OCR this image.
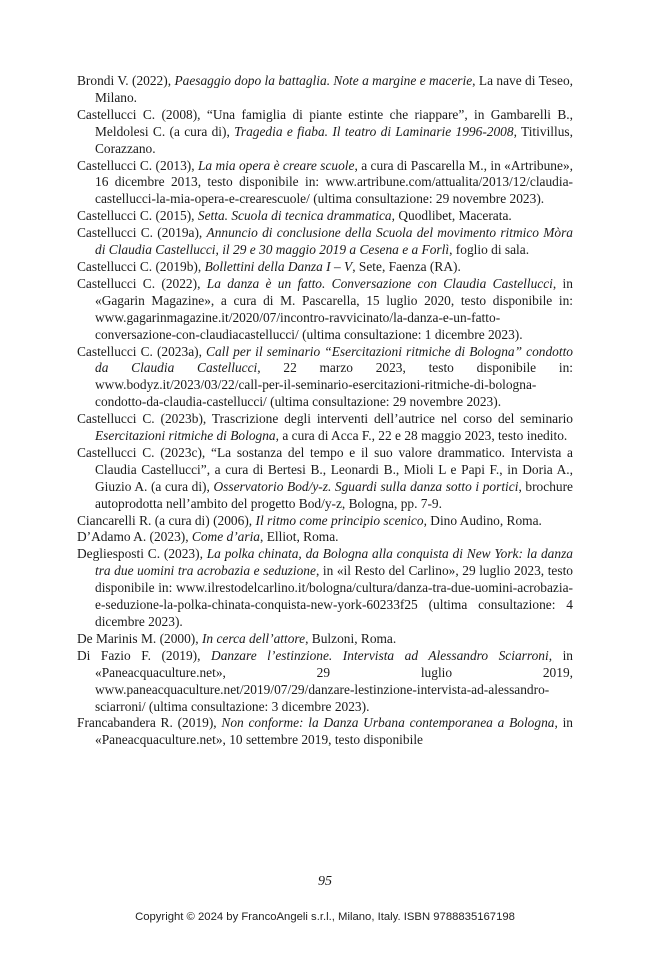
Brondi V. (2022), Paesaggio dopo la battaglia. Note a margine e macerie, La nave di Teseo, Milano.

Castellucci C. (2008), “Una famiglia di piante estinte che riappare”, in Gambarelli B., Meldolesi C. (a cura di), Tragedia e fiaba. Il teatro di Laminarie 1996-2008, Titivillus, Corazzano.

Castellucci C. (2013), La mia opera è creare scuole, a cura di Pascarella M., in «Artribune», 16 dicembre 2013, testo disponibile in: www.artribune.com/attualita/2013/12/claudia-castellucci-la-mia-opera-e-crearescuole/ (ultima consultazione: 29 novembre 2023).

Castellucci C. (2015), Setta. Scuola di tecnica drammatica, Quodlibet, Macerata.

Castellucci C. (2019a), Annuncio di conclusione della Scuola del movimento ritmico Mòra di Claudia Castellucci, il 29 e 30 maggio 2019 a Cesena e a Forlì, foglio di sala.

Castellucci C. (2019b), Bollettini della Danza I – V, Sete, Faenza (RA).

Castellucci C. (2022), La danza è un fatto. Conversazione con Claudia Castellucci, in «Gagarin Magazine», a cura di M. Pascarella, 15 luglio 2020, testo disponibile in: www.gagarinmagazine.it/2020/07/incontro-ravvicinato/la-danza-e-un-fatto-conversazione-con-claudiacastellucci/ (ultima consultazione: 1 dicembre 2023).

Castellucci C. (2023a), Call per il seminario “Esercitazioni ritmiche di Bologna” condotto da Claudia Castellucci, 22 marzo 2023, testo disponibile in: www.bodyz.it/2023/03/22/call-per-il-seminario-esercitazioni-ritmiche-di-bologna-condotto-da-claudia-castellucci/ (ultima consultazione: 29 novembre 2023).

Castellucci C. (2023b), Trascrizione degli interventi dell’autrice nel corso del seminario Esercitazioni ritmiche di Bologna, a cura di Acca F., 22 e 28 maggio 2023, testo inedito.

Castellucci C. (2023c), “La sostanza del tempo e il suo valore drammatico. Intervista a Claudia Castellucci”, a cura di Bertesi B., Leonardi B., Mioli L e Papi F., in Doria A., Giuzio A. (a cura di), Osservatorio Bod/y-z. Sguardi sulla danza sotto i portici, brochure autoprodotta nell’ambito del progetto Bod/y-z, Bologna, pp. 7-9.

Ciancarelli R. (a cura di) (2006), Il ritmo come principio scenico, Dino Audino, Roma.

D’Adamo A. (2023), Come d’aria, Elliot, Roma.

Degliesposti C. (2023), La polka chinata, da Bologna alla conquista di New York: la danza tra due uomini tra acrobazia e seduzione, in «il Resto del Carlino», 29 luglio 2023, testo disponibile in: www.ilrestodelcarlino.it/bologna/cultura/danza-tra-due-uomini-acrobazia-e-seduzione-la-polka-chinata-conquista-new-york-60233f25 (ultima consultazione: 4 dicembre 2023).

De Marinis M. (2000), In cerca dell’attore, Bulzoni, Roma.

Di Fazio F. (2019), Danzare l’estinzione. Intervista ad Alessandro Sciarroni, in «Paneacquaculture.net», 29 luglio 2019, www.paneacquaculture.net/2019/07/29/danzare-lestinzione-intervista-ad-alessandro-sciarroni/ (ultima consultazione: 3 dicembre 2023).

Francabandera R. (2019), Non conforme: la Danza Urbana contemporanea a Bologna, in «Paneacquaculture.net», 10 settembre 2019, testo disponibile

95
Copyright © 2024 by FrancoAngeli s.r.l., Milano, Italy. ISBN 9788835167198
